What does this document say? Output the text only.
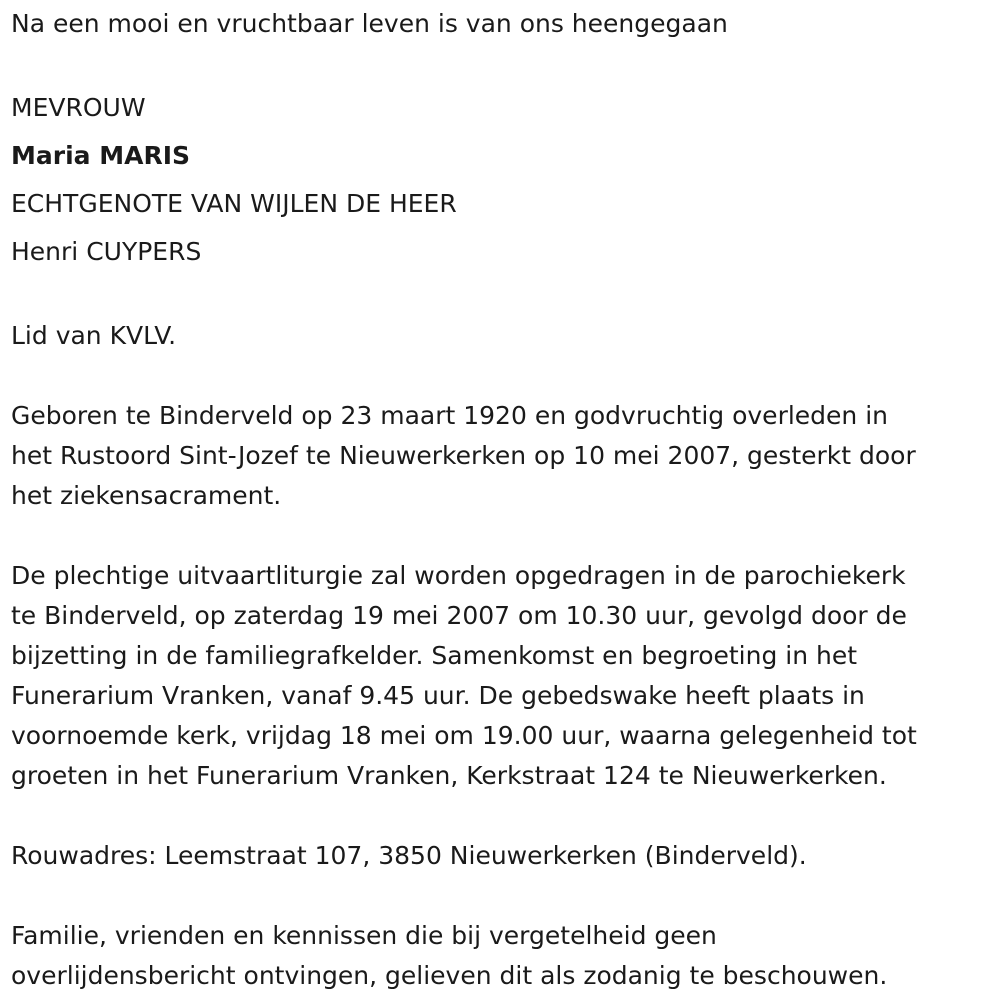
Na een mooi en vruchtbaar leven is van ons heengegaan

MEVROUW
Maria MARIS
ECHTGENOTE VAN WIJLEN DE HEER
Henri CUYPERS

Lid van KVLV.

Geboren te Binderveld op 23 maart 1920 en godvruchtig overleden in
het Rustoord Sint-Jozef te Nieuwerkerken op 10 mei 2007, gesterkt door
het ziekensacrament.
De plechtige uitvaartliturgie zal worden opgedragen in de parochiekerk
te Binderveld, op zaterdag 19 mei 2007 om 10.30 uur, gevolgd door de
bijzetting in de familiegrafkelder. Samenkomst en begroeting in het
Funerarium Vranken, vanaf 9.45 uur. De gebedswake heeft plaats in
voornoemde kerk, vrijdag 18 mei om 19.00 uur, waarna gelegenheid tot
groeten in het Funerarium Vranken, Kerkstraat 124 te Nieuwerkerken.

Rouwadres: Leemstraat 107, 3850 Nieuwerkerken (Binderveld).

Familie, vrienden en kennissen die bij vergetelheid geen
overlijdensbericht ontvingen, gelieven dit als zodanig te beschouwen.
